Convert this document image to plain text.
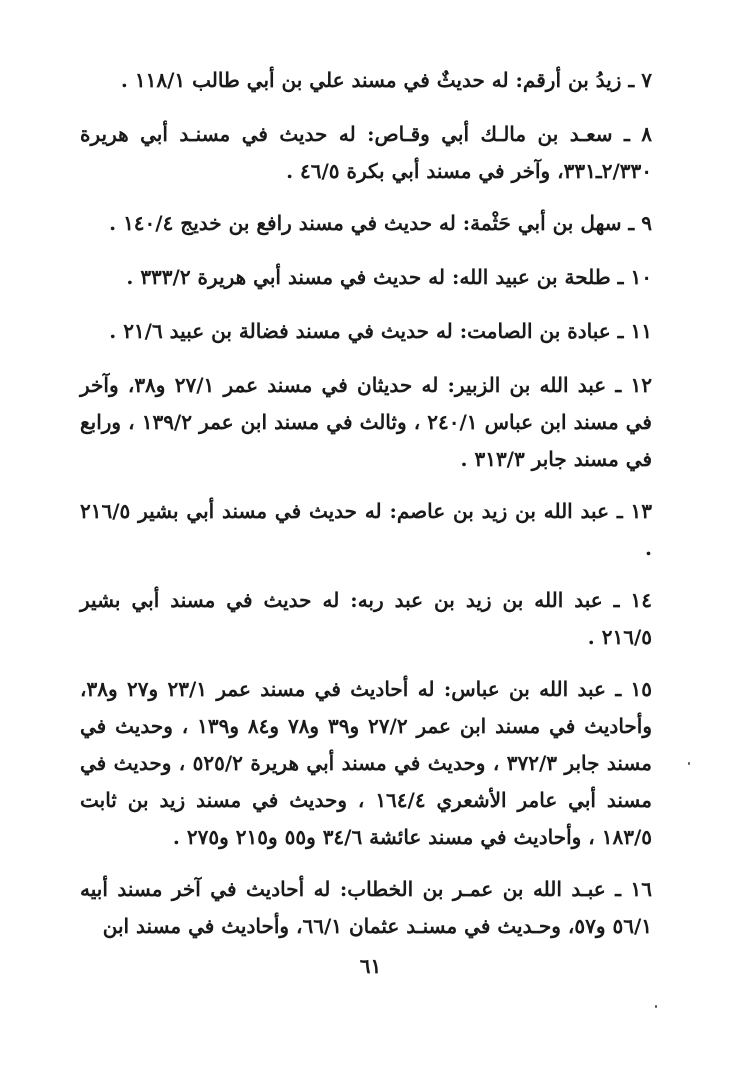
٧ ـ زيدُ بن أرقم: له حديثٌ في مسند علي بن أبي طالب ١١٨/١ .

٨ ـ سعـد بن مالـك أبي وقـاص: له حديث في مسنـد أبي هريرة ٢/٣٣٠ـ٣٣١، وآخر في مسند أبي بكرة ٤٦/٥ .

٩ ـ سهل بن أبي حَثْمة: له حديث في مسند رافع بن خديج ١٤٠/٤ .

١٠ ـ طلحة بن عبيد الله: له حديث في مسند أبي هريرة ٣٣٣/٢ .

١١ ـ عبادة بن الصامت: له حديث في مسند فضالة بن عبيد ٢١/٦ .

١٢ ـ عبد الله بن الزبير: له حديثان في مسند عمر ٢٧/١ و٣٨، وآخر في مسند ابن عباس ٢٤٠/١ ، وثالث في مسند ابن عمر ١٣٩/٢ ، ورابع في مسند جابر ٣١٣/٣ .

١٣ ـ عبد الله بن زيد بن عاصم: له حديث في مسند أبي بشير ٢١٦/٥ .

١٤ ـ عبد الله بن زيد بن عبد ربه: له حديث في مسند أبي بشير ٢١٦/٥ .

١٥ ـ عبد الله بن عباس: له أحاديث في مسند عمر ٢٣/١ و٢٧ و٣٨، وأحاديث في مسند ابن عمر ٢٧/٢ و٣٩ و٧٨ و٨٤ و١٣٩ ، وحديث في مسند جابر ٣٧٢/٣ ، وحديث في مسند أبي هريرة ٥٢٥/٢ ، وحديث في مسند أبي عامر الأشعري ١٦٤/٤ ، وحديث في مسند زيد بن ثابت ١٨٣/٥ ، وأحاديث في مسند عائشة ٣٤/٦ و٥٥ و٢١٥ و٢٧٥ .

١٦ ـ عبـد الله بن عمـر بن الخطاب: له أحاديث في آخر مسند أبيه ٥٦/١ و٥٧، وحـديث في مسنـد عثمان ٦٦/١، وأحاديث في مسند ابن

٦١
